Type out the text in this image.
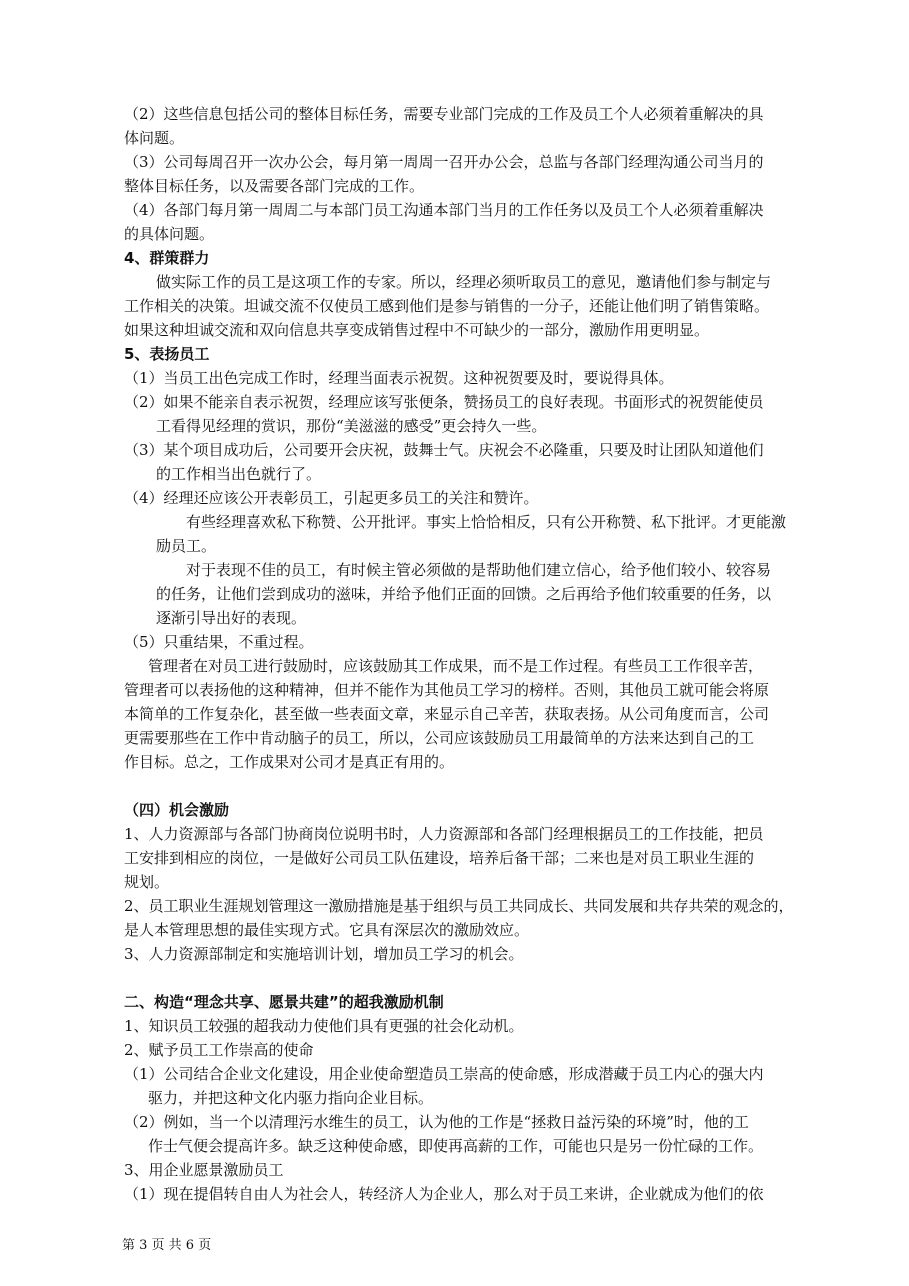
（2）这些信息包括公司的整体目标任务，需要专业部门完成的工作及员工个人必须着重解决的具
体问题。
（3）公司每周召开一次办公会，每月第一周周一召开办公会，总监与各部门经理沟通公司当月的
整体目标任务，以及需要各部门完成的工作。
（4）各部门每月第一周周二与本部门员工沟通本部门当月的工作任务以及员工个人必须着重解决
的具体问题。
4、群策群力
做实际工作的员工是这项工作的专家。所以，经理必须听取员工的意见，邀请他们参与制定与
工作相关的决策。坦诚交流不仅使员工感到他们是参与销售的一分子，还能让他们明了销售策略。
如果这种坦诚交流和双向信息共享变成销售过程中不可缺少的一部分，激励作用更明显。
5、表扬员工
（1）当员工出色完成工作时，经理当面表示祝贺。这种祝贺要及时，要说得具体。
（2）如果不能亲自表示祝贺，经理应该写张便条，赞扬员工的良好表现。书面形式的祝贺能使员
工看得见经理的赏识，那份“美滋滋的感受”更会持久一些。
（3）某个项目成功后，公司要开会庆祝，鼓舞士气。庆祝会不必隆重，只要及时让团队知道他们
的工作相当出色就行了。
（4）经理还应该公开表彰员工，引起更多员工的关注和赞许。
有些经理喜欢私下称赞、公开批评。事实上恰恰相反，只有公开称赞、私下批评。才更能激
励员工。
对于表现不佳的员工，有时候主管必须做的是帮助他们建立信心，给予他们较小、较容易
的任务，让他们尝到成功的滋味，并给予他们正面的回馈。之后再给予他们较重要的任务，以
逐渐引导出好的表现。
（5）只重结果，不重过程。
管理者在对员工进行鼓励时，应该鼓励其工作成果，而不是工作过程。有些员工工作很辛苦，
管理者可以表扬他的这种精神，但并不能作为其他员工学习的榜样。否则，其他员工就可能会将原
本简单的工作复杂化，甚至做一些表面文章，来显示自己辛苦，获取表扬。从公司角度而言，公司
更需要那些在工作中肯动脑子的员工，所以，公司应该鼓励员工用最简单的方法来达到自己的工
作目标。总之，工作成果对公司才是真正有用的。
（四）机会激励
1、人力资源部与各部门协商岗位说明书时，人力资源部和各部门经理根据员工的工作技能，把员
工安排到相应的岗位，一是做好公司员工队伍建设，培养后备干部；二来也是对员工职业生涯的
规划。
2、员工职业生涯规划管理这一激励措施是基于组织与员工共同成长、共同发展和共存共荣的观念的，
是人本管理思想的最佳实现方式。它具有深层次的激励效应。
3、人力资源部制定和实施培训计划，增加员工学习的机会。
二、构造“理念共享、愿景共建”的超我激励机制
1、知识员工较强的超我动力使他们具有更强的社会化动机。
2、赋予员工工作崇高的使命
（1）公司结合企业文化建设，用企业使命塑造员工崇高的使命感，形成潜藏于员工内心的强大内
驱力，并把这种文化内驱力指向企业目标。
（2）例如，当一个以清理污水维生的员工，认为他的工作是“拯救日益污染的环境”时，他的工
作士气便会提高许多。缺乏这种使命感，即使再高薪的工作，可能也只是另一份忙碌的工作。
3、用企业愿景激励员工
（1）现在提倡转自由人为社会人，转经济人为企业人，那么对于员工来讲，企业就成为他们的依
第 3 页 共 6 页
